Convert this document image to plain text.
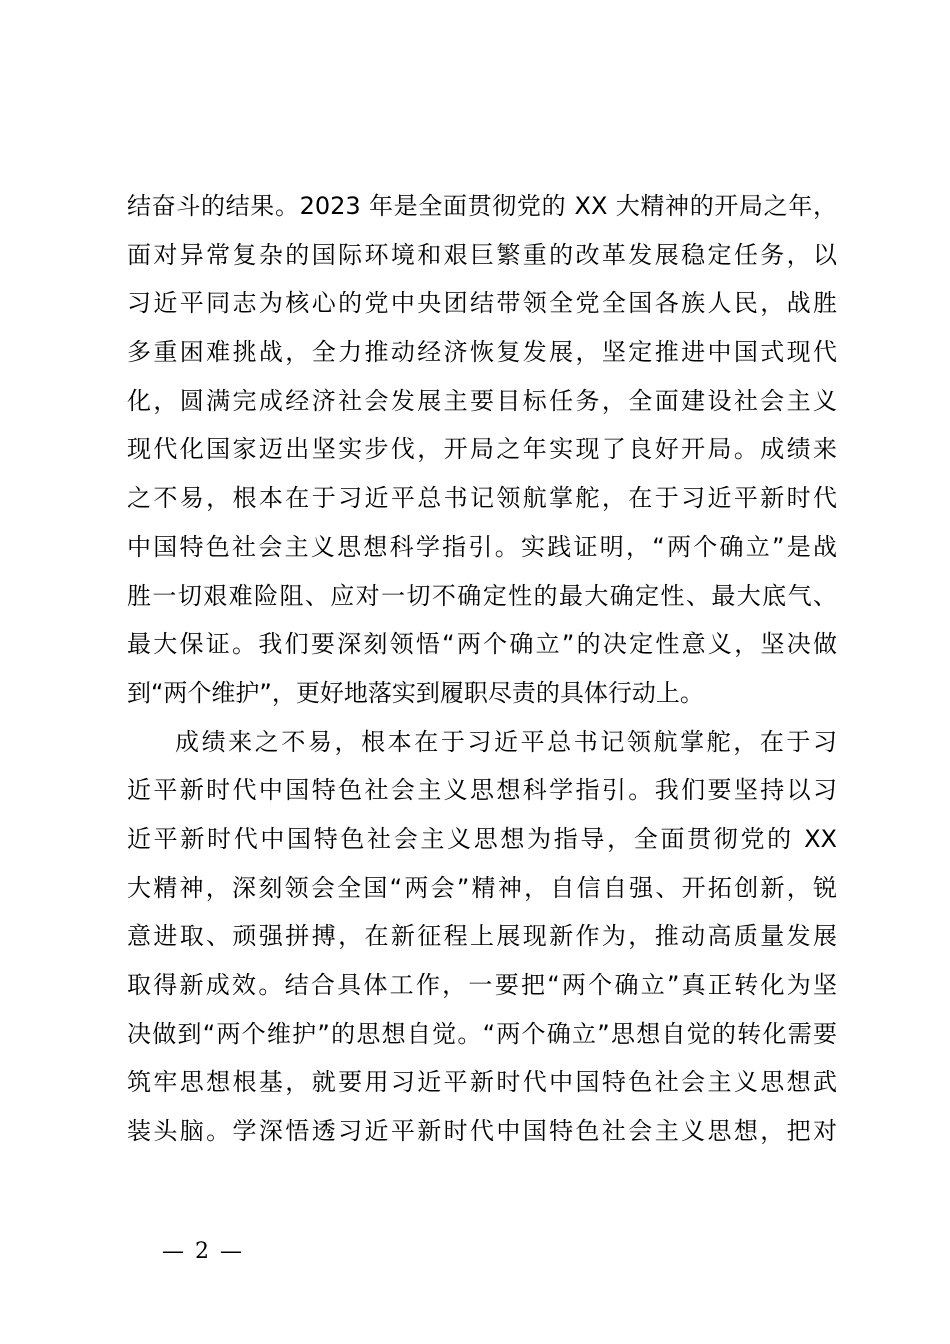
结奋斗的结果。2023 年是全面贯彻党的 XX 大精神的开局之年，
面对异常复杂的国际环境和艰巨繁重的改革发展稳定任务，以
习近平同志为核心的党中央团结带领全党全国各族人民，战胜
多重困难挑战，全力推动经济恢复发展，坚定推进中国式现代
化，圆满完成经济社会发展主要目标任务，全面建设社会主义
现代化国家迈出坚实步伐，开局之年实现了良好开局。成绩来
之不易，根本在于习近平总书记领航掌舵，在于习近平新时代
中国特色社会主义思想科学指引。实践证明，“两个确立”是战
胜一切艰难险阻、应对一切不确定性的最大确定性、最大底气、
最大保证。我们要深刻领悟“两个确立”的决定性意义，坚决做
到“两个维护”，更好地落实到履职尽责的具体行动上。
成绩来之不易，根本在于习近平总书记领航掌舵，在于习
近平新时代中国特色社会主义思想科学指引。我们要坚持以习
近平新时代中国特色社会主义思想为指导，全面贯彻党的 XX
大精神，深刻领会全国“两会”精神，自信自强、开拓创新，锐
意进取、顽强拼搏，在新征程上展现新作为，推动高质量发展
取得新成效。结合具体工作，一要把“两个确立”真正转化为坚
决做到“两个维护”的思想自觉。“两个确立”思想自觉的转化需要
筑牢思想根基，就要用习近平新时代中国特色社会主义思想武
装头脑。学深悟透习近平新时代中国特色社会主义思想，把对
— 2 —
